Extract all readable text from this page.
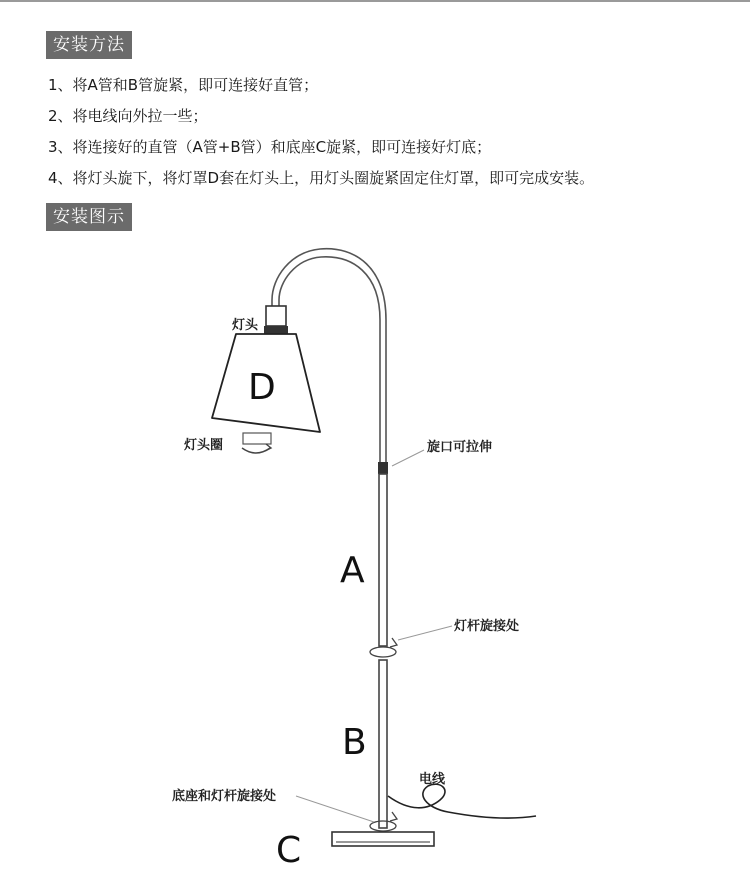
安装方法
1、将A管和B管旋紧，即可连接好直管；
2、将电线向外拉一些；
3、将连接好的直管（A管+B管）和底座C旋紧，即可连接好灯底；
4、将灯头旋下，将灯罩D套在灯头上，用灯头圈旋紧固定住灯罩，即可完成安装。
安装图示
D
A
B
C
灯头
灯头圈	旋口可拉伸
灯杆旋接处
电线
底座和灯杆旋接处
